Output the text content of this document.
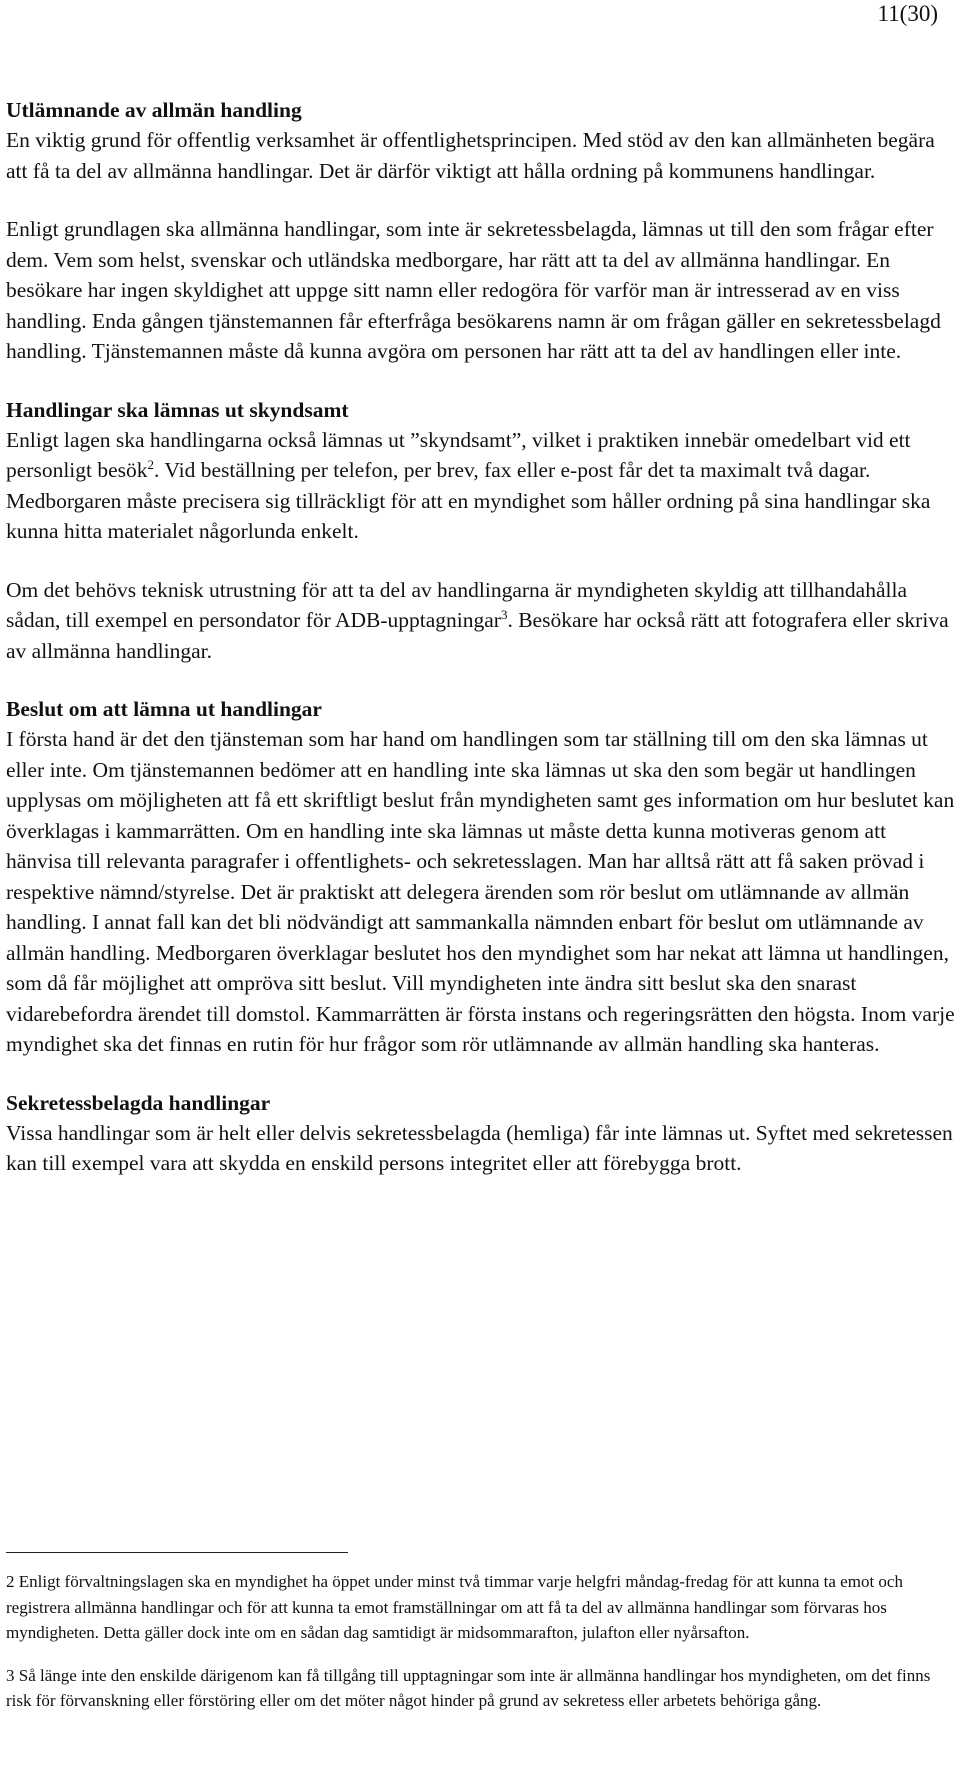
11(30)
Utlämnande av allmän handling

En viktig grund för offentlig verksamhet är offentlighetsprincipen. Med stöd av den kan allmänheten begära att få ta del av allmänna handlingar. Det är därför viktigt att hålla ordning på kommunens handlingar.

Enligt grundlagen ska allmänna handlingar, som inte är sekretessbelagda, lämnas ut till den som frågar efter dem. Vem som helst, svenskar och utländska medborgare, har rätt att ta del av allmänna handlingar. En besökare har ingen skyldighet att uppge sitt namn eller redogöra för varför man är intresserad av en viss handling. Enda gången tjänstemannen får efterfråga besökarens namn är om frågan gäller en sekretessbelagd handling. Tjänstemannen måste då kunna avgöra om personen har rätt att ta del av handlingen eller inte.

Handlingar ska lämnas ut skyndsamt

Enligt lagen ska handlingarna också lämnas ut ”skyndsamt”, vilket i praktiken innebär omedelbart vid ett personligt besök$^2$. Vid beställning per telefon, per brev, fax eller e-post får det ta maximalt två dagar. Medborgaren måste precisera sig tillräckligt för att en myndighet som håller ordning på sina handlingar ska kunna hitta materialet någorlunda enkelt.

Om det behövs teknisk utrustning för att ta del av handlingarna är myndigheten skyldig att tillhandahålla sådan, till exempel en persondator för ADB-upptagningar$^3$. Besökare har också rätt att fotografera eller skriva av allmänna handlingar.

Beslut om att lämna ut handlingar

I första hand är det den tjänsteman som har hand om handlingen som tar ställning till om den ska lämnas ut eller inte. Om tjänstemannen bedömer att en handling inte ska lämnas ut ska den som begär ut handlingen upplysas om möjligheten att få ett skriftligt beslut från myndigheten samt ges information om hur beslutet kan överklagas i kammarrätten. Om en handling inte ska lämnas ut måste detta kunna motiveras genom att hänvisa till relevanta paragrafer i offentlighets- och sekretesslagen. Man har alltså rätt att få saken prövad i respektive nämnd/styrelse. Det är praktiskt att delegera ärenden som rör beslut om utlämnande av allmän handling. I annat fall kan det bli nödvändigt att sammankalla nämnden enbart för beslut om utlämnande av allmän handling. Medborgaren överklagar beslutet hos den myndighet som har nekat att lämna ut handlingen, som då får möjlighet att ompröva sitt beslut. Vill myndigheten inte ändra sitt beslut ska den snarast vidarebefordra ärendet till domstol. Kammarrätten är första instans och regeringsrätten den högsta. Inom varje myndighet ska det finnas en rutin för hur frågor som rör utlämnande av allmän handling ska hanteras.

Sekretessbelagda handlingar

Vissa handlingar som är helt eller delvis sekretessbelagda (hemliga) får inte lämnas ut. Syftet med sekretessen kan till exempel vara att skydda en enskild persons integritet eller att förebygga brott.

2 Enligt förvaltningslagen ska en myndighet ha öppet under minst två timmar varje helgfri måndag-fredag för att kunna ta emot och registrera allmänna handlingar och för att kunna ta emot framställningar om att få ta del av allmänna handlingar som förvaras hos myndigheten. Detta gäller dock inte om en sådan dag samtidigt är midsommarafton, julafton eller nyårsafton.

3 Så länge inte den enskilde därigenom kan få tillgång till upptagningar som inte är allmänna handlingar hos myndigheten, om det finns risk för förvanskning eller förstöring eller om det möter något hinder på grund av sekretess eller arbetets behöriga gång.
